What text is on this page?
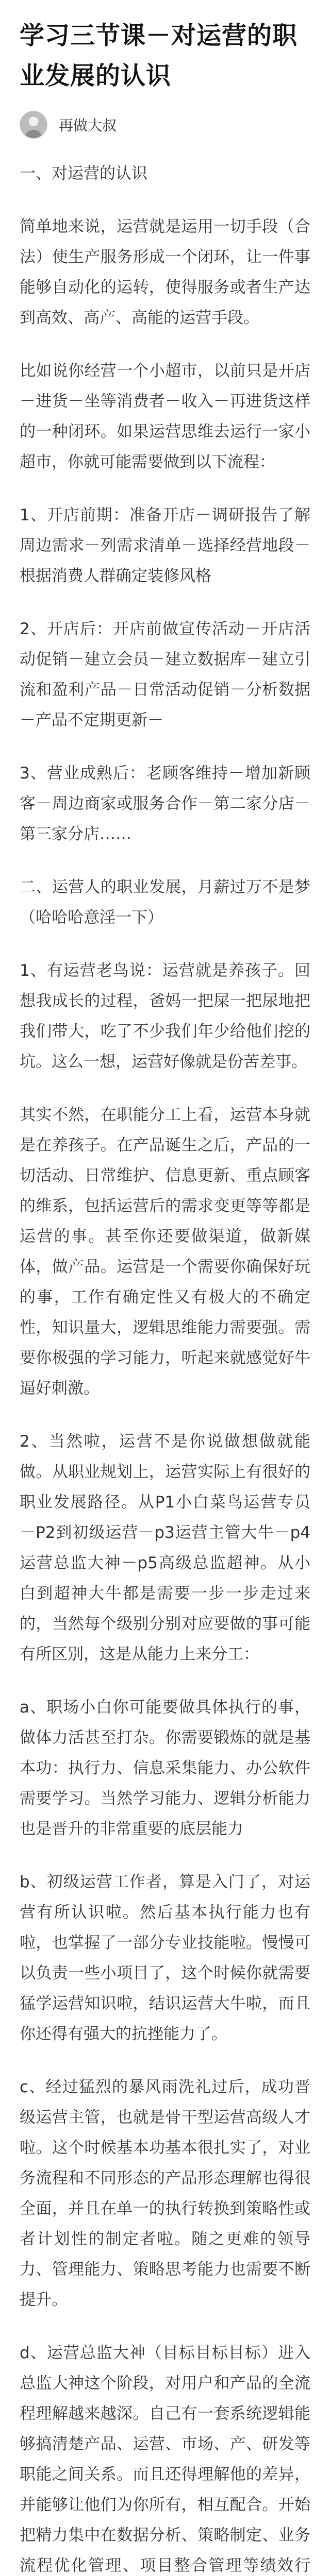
学习三节课－对运营的职业发展的认识
再做大叔

一、对运营的认识

简单地来说，运营就是运用一切手段（合法）使生产服务形成一个闭环，让一件事能够自动化的运转，使得服务或者生产达到高效、高产、高能的运营手段。

比如说你经营一个小超市，以前只是开店－进货－坐等消费者－收入－再进货这样的一种闭环。如果运营思维去运行一家小超市，你就可能需要做到以下流程：

1、开店前期：准备开店－调研报告了解周边需求－列需求清单－选择经营地段－根据消费人群确定装修风格

2、开店后：开店前做宣传活动－开店活动促销－建立会员－建立数据库－建立引流和盈利产品－日常活动促销－分析数据－产品不定期更新－

3、营业成熟后：老顾客维持－增加新顾客－周边商家或服务合作－第二家分店－第三家分店……

二、运营人的职业发展，月薪过万不是梦（哈哈哈意淫一下）

1、有运营老鸟说：运营就是养孩子。回想我成长的过程，爸妈一把屎一把尿地把我们带大，吃了不少我们年少给他们挖的坑。这么一想，运营好像就是份苦差事。

其实不然，在职能分工上看，运营本身就是在养孩子。在产品诞生之后，产品的一切活动、日常维护、信息更新、重点顾客的维系，包括运营后的需求变更等等都是运营的事。甚至你还要做渠道，做新媒体，做产品。运营是一个需要你确保好玩的事，工作有确定性又有极大的不确定性，知识量大，逻辑思维能力需要强。需要你极强的学习能力，听起来就感觉好牛逼好刺激。

2、当然啦，运营不是你说做想做就能做。从职业规划上，运营实际上有很好的职业发展路径。从P1小白菜鸟运营专员－P2到初级运营－p3运营主管大牛－p4运营总监大神－p5高级总监超神。从小白到超神大牛都是需要一步一步走过来的，当然每个级别分别对应要做的事可能有所区别，这是从能力上来分工：

a、职场小白你可能要做具体执行的事，做体力活甚至打杂。你需要锻炼的就是基本功：执行力、信息采集能力、办公软件需要学习。当然学习能力、逻辑分析能力也是晋升的非常重要的底层能力

b、初级运营工作者，算是入门了，对运营有所认识啦。然后基本执行能力也有啦，也掌握了一部分专业技能啦。慢慢可以负责一些小项目了，这个时候你就需要猛学运营知识啦，结识运营大牛啦，而且你还得有强大的抗挫能力了。

c、经过猛烈的暴风雨洗礼过后，成功晋级运营主管，也就是骨干型运营高级人才啦。这个时候基本功基本很扎实了，对业务流程和不同形态的产品形态理解也得很全面，并且在单一的执行转换到策略性或者计划性的制定者啦。随之更难的领导力、管理能力、策略思考能力也需要不断提升。

d、运营总监大神（目标目标目标）进入总监大神这个阶段，对用户和产品的全流程理解越来越深。自己有一套系统逻辑能够搞清楚产品、运营、市场、产、研发等职能之间关系。而且还得理解他的差异，并能够让他们为你所有，相互配合。开始把精力集中在数据分析、策略制定、业务流程优化管理、项目整合管理等绩效行
